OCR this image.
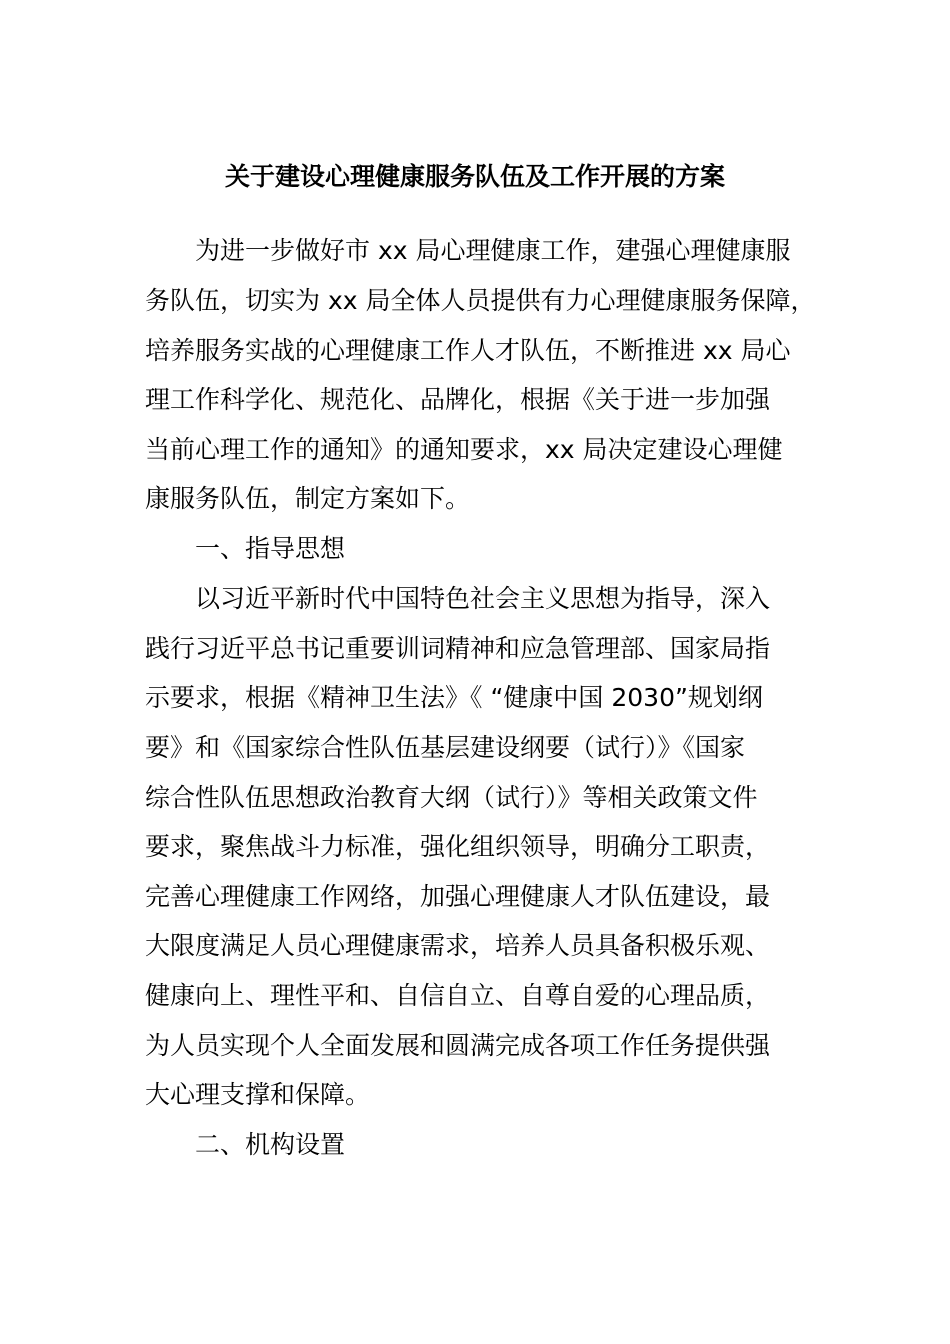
关于建设心理健康服务队伍及工作开展的方案
为进一步做好市 xx 局心理健康工作，建强心理健康服
务队伍，切实为 xx 局全体人员提供有力心理健康服务保障，
培养服务实战的心理健康工作人才队伍，不断推进 xx 局心
理工作科学化、规范化、品牌化，根据《关于进一步加强
当前心理工作的通知》的通知要求，xx 局决定建设心理健
康服务队伍，制定方案如下。
一、指导思想
以习近平新时代中国特色社会主义思想为指导，深入
践行习近平总书记重要训词精神和应急管理部、国家局指
示要求，根据《精神卫生法》《 “健康中国 2030”规划纲
要》和《国家综合性队伍基层建设纲要（试行）》《国家
综合性队伍思想政治教育大纲（试行）》等相关政策文件
要求，聚焦战斗力标准，强化组织领导，明确分工职责，
完善心理健康工作网络，加强心理健康人才队伍建设，最
大限度满足人员心理健康需求，培养人员具备积极乐观、
健康向上、理性平和、自信自立、自尊自爱的心理品质，
为人员实现个人全面发展和圆满完成各项工作任务提供强
大心理支撑和保障。
二、机构设置
